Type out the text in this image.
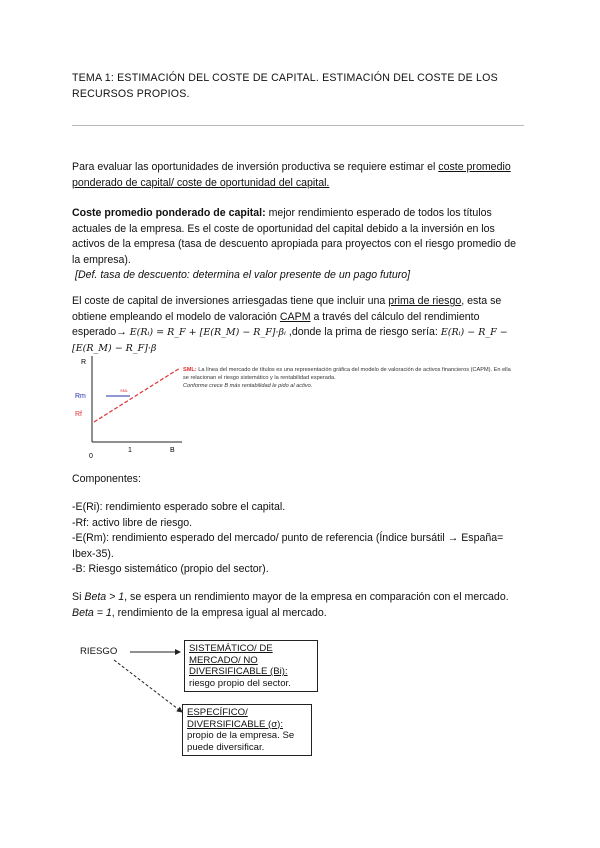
TEMA 1: ESTIMACIÓN DEL COSTE DE CAPITAL. ESTIMACIÓN DEL COSTE DE LOS RECURSOS PROPIOS.
Para evaluar las oportunidades de inversión productiva se requiere estimar el coste promedio ponderado de capital/ coste de oportunidad del capital.
Coste promedio ponderado de capital: mejor rendimiento esperado de todos los títulos actuales de la empresa. Es el coste de oportunidad del capital debido a la inversión en los activos de la empresa (tasa de descuento apropiada para proyectos con el riesgo promedio de la empresa).
[Def. tasa de descuento: determina el valor presente de un pago futuro]
El coste de capital de inversiones arriesgadas tiene que incluir una prima de riesgo, esta se obtiene empleando el modelo de valoración CAPM a través del cálculo del rendimiento esperado→ E(Rᵢ) = R_F + [E(R_M) − R_F]·βᵢ ,donde la prima de riesgo sería: E(Rᵢ) − R_F − [E(R_M) − R_F]·β
R
B
0
1
Rm
Rf
SML
SML: La línea del mercado de títulos es una representación gráfica del modelo de valoración de activos financieros (CAPM). En ella se relacionan el riesgo sistemático y la rentabilidad esperada.
Conforme crece B más rentabilidad le pido al activo.
Componentes:
-E(Ri): rendimiento esperado sobre el capital.
-Rf: activo libre de riesgo.
-E(Rm): rendimiento esperado del mercado/ punto de referencia (Índice bursátil → España= Ibex-35).
-B: Riesgo sistemático (propio del sector).
Si Beta > 1, se espera un rendimiento mayor de la empresa en comparación con el mercado. Beta = 1, rendimiento de la empresa igual al mercado.
RIESGO	SISTEMÁTICO/ DE MERCADO/ NO DIVERSIFICABLE (Bi):
riesgo propio del sector.
ESPECÍFICO/ DIVERSIFICABLE (σ):
propio de la empresa. Se puede diversificar.
